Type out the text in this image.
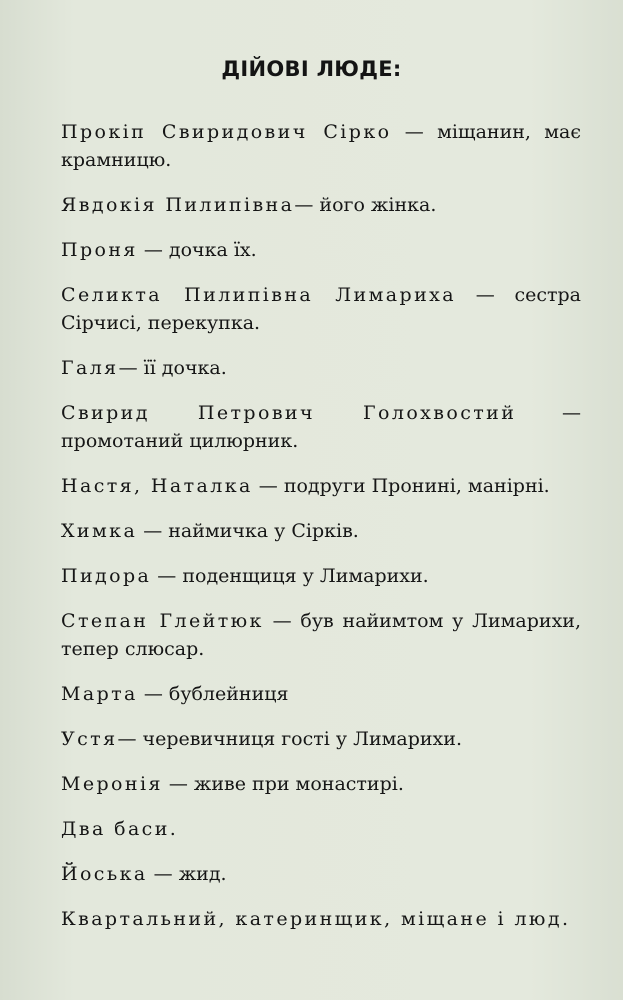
ДІЙОВІ ЛЮДЕ:
Прокіп Свиридович Сірко — міщанин, має крамницю.
Явдокія Пилипівна— його жінка.
Проня — дочка їх.
Селикта Пилипівна Лимариха — сестра Сірчисі, перекупка.
Галя— її дочка.
Свирид Петрович Голохвостий — промотаний цилюрник.
Настя, Наталка — подруги Пронині, манірні.
Химка — наймичка у Сірків.
Пидора — поденщиця у Лимарихи.
Степан Глейтюк — був найимтом у Лимарихи, тепер слюсар.
Марта — бублейниця
Устя— черевичниця гості у Лимарихи.
Меронія — живе при монастирі.
Два баси.
Йоська — жид.
Квартальний, катеринщик, міщане і люд.
